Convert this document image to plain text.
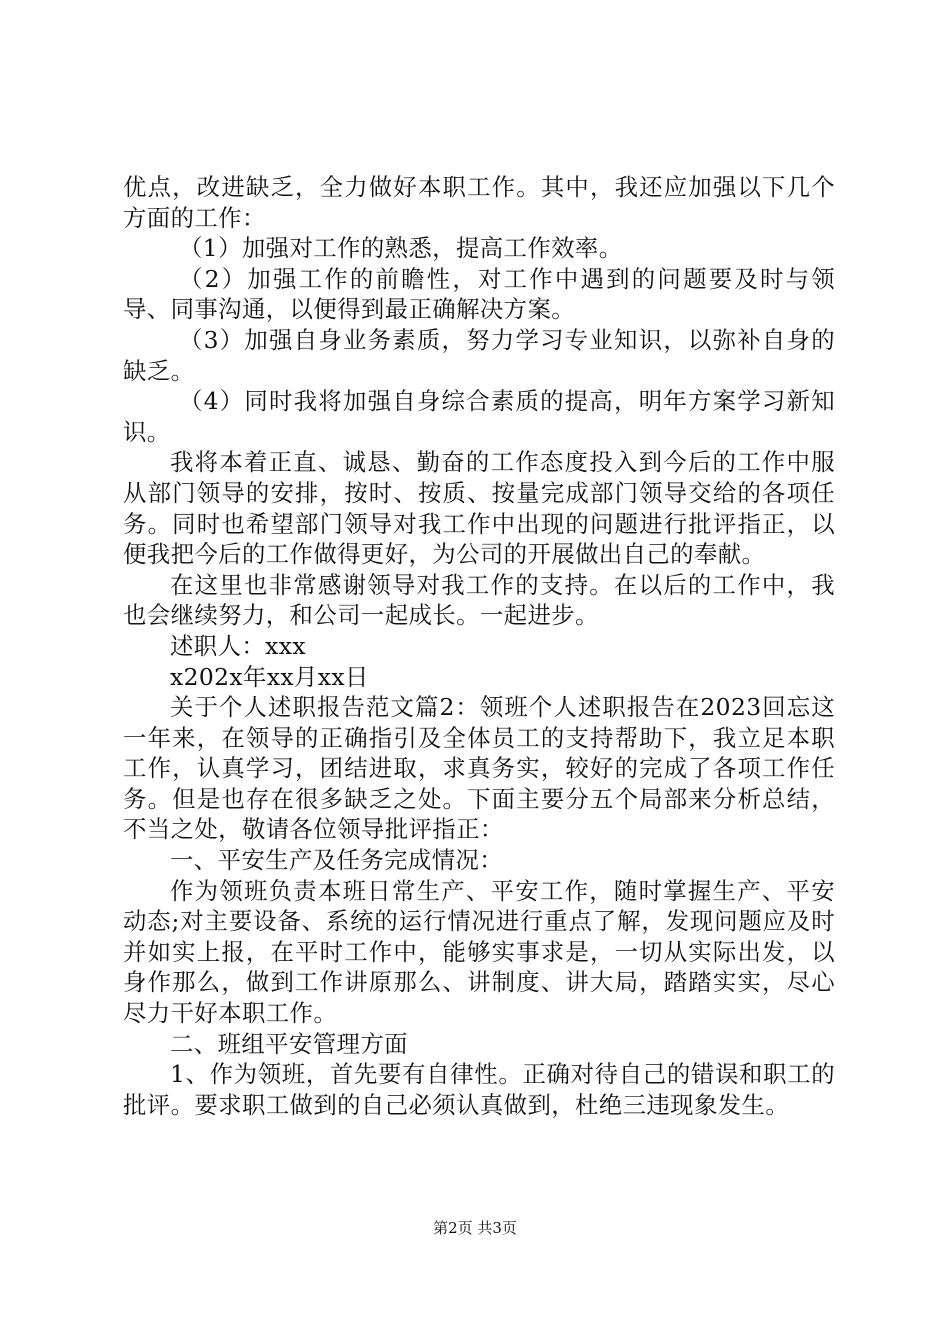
优点，改进缺乏，全力做好本职工作。其中，我还应加强以下几个方面的工作：

（1）加强对工作的熟悉，提高工作效率。

（2）加强工作的前瞻性，对工作中遇到的问题要及时与领导、同事沟通，以便得到最正确解决方案。

（3）加强自身业务素质，努力学习专业知识，以弥补自身的缺乏。

（4）同时我将加强自身综合素质的提高，明年方案学习新知识。

我将本着正直、诚恳、勤奋的工作态度投入到今后的工作中服从部门领导的安排，按时、按质、按量完成部门领导交给的各项任务。同时也希望部门领导对我工作中出现的问题进行批评指正，以便我把今后的工作做得更好，为公司的开展做出自己的奉献。

在这里也非常感谢领导对我工作的支持。在以后的工作中，我也会继续努力，和公司一起成长。一起进步。

述职人：xxx

x202x年xx月xx日

关于个人述职报告范文篇2：领班个人述职报告在2023回忘这一年来，在领导的正确指引及全体员工的支持帮助下，我立足本职工作，认真学习，团结进取，求真务实，较好的完成了各项工作任务。但是也存在很多缺乏之处。下面主要分五个局部来分析总结，不当之处，敬请各位领导批评指正：

一、平安生产及任务完成情况：

作为领班负责本班日常生产、平安工作，随时掌握生产、平安动态;对主要设备、系统的运行情况进行重点了解，发现问题应及时并如实上报，在平时工作中，能够实事求是，一切从实际出发，以身作那么，做到工作讲原那么、讲制度、讲大局，踏踏实实，尽心尽力干好本职工作。

二、班组平安管理方面

1、作为领班，首先要有自律性。正确对待自己的错误和职工的批评。要求职工做到的自己必须认真做到，杜绝三违现象发生。

第2页 共3页
